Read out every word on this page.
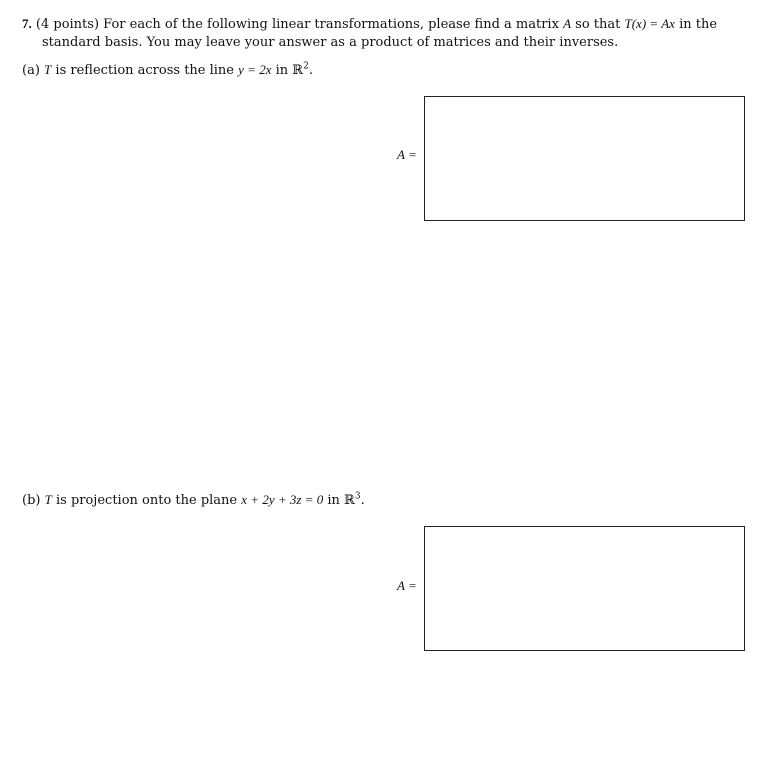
7. (4 points) For each of the following linear transformations, please find a matrix A so that T(x) = Ax in the standard basis. You may leave your answer as a product of matrices and their inverses.
(a) T is reflection across the line y = 2x in ℝ$^2$.
A =
(b) T is projection onto the plane x + 2y + 3z = 0 in ℝ$^3$.
A =
